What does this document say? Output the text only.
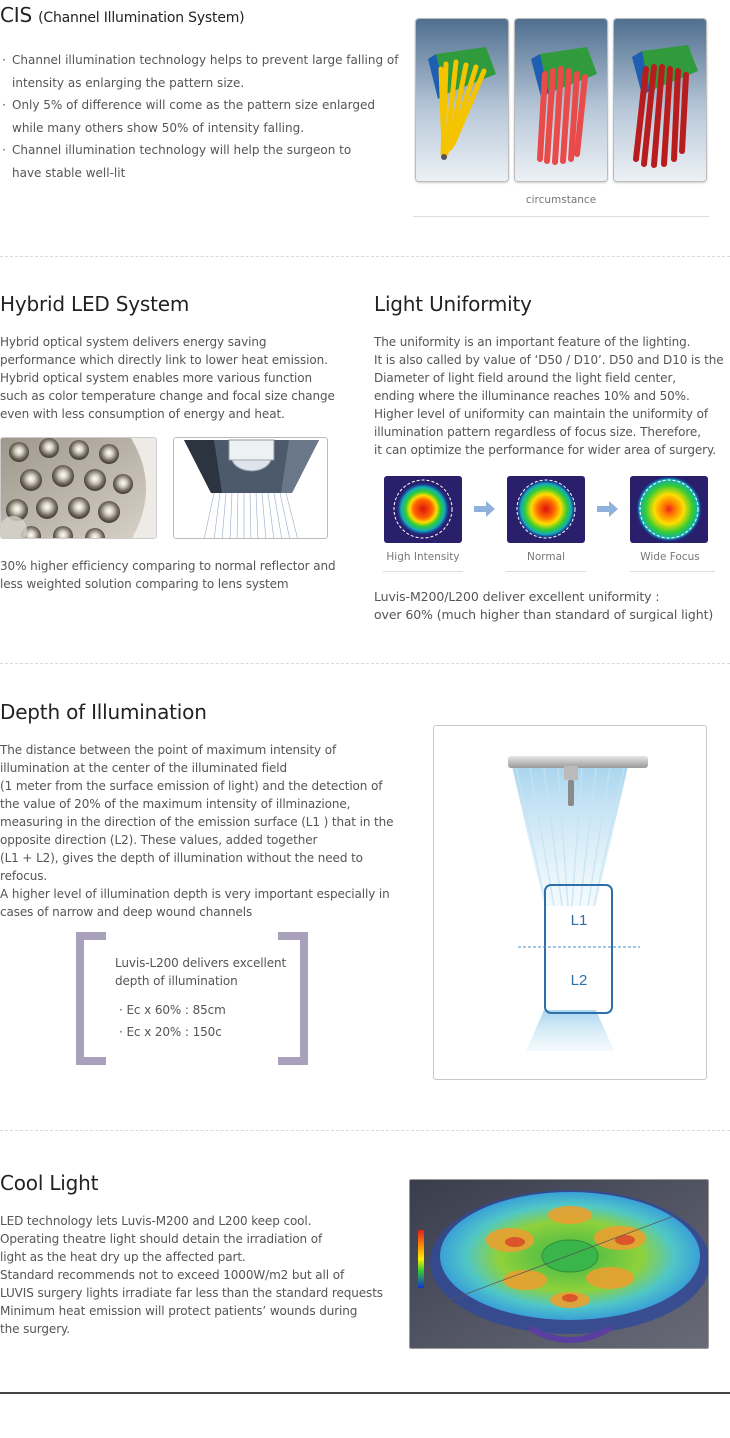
CIS (Channel Illumination System)
· Channel illumination technology helps to prevent large falling of
intensity as enlarging the pattern size.
· Only 5% of difference will come as the pattern size enlarged
while many others show 50% of intensity falling.
· Channel illumination technology will help the surgeon to
have stable well-lit
circumstance
Hybrid LED System
Hybrid optical system delivers energy saving
performance which directly link to lower heat emission.
Hybrid optical system enables more various function
such as color temperature change and focal size change
even with less consumption of energy and heat.
30% higher efficiency comparing to normal reflector and
less weighted solution comparing to lens system
Light Uniformity
The uniformity is an important feature of the lighting.
It is also called by value of ‘D50 / D10’. D50 and D10 is the
Diameter of light field around the light field center,
ending where the illuminance reaches 10% and 50%.
Higher level of uniformity can maintain the uniformity of
illumination pattern regardless of focus size. Therefore,
it can optimize the performance for wider area of surgery.
High Intensity	Normal	Wide Focus
Luvis-M200/L200 deliver excellent uniformity :
over 60% (much higher than standard of surgical light)
Depth of Illumination
The distance between the point of maximum intensity of
illumination at the center of the illuminated field
(1 meter from the surface emission of light) and the detection of
the value of 20% of the maximum intensity of illminazione,
measuring in the direction of the emission surface (L1 ) that in the
opposite direction (L2). These values, added together
(L1 + L2), gives the depth of illumination without the need to refocus.
A higher level of illumination depth is very important especially in
cases of narrow and deep wound channels
Luvis-L200 delivers excellent
depth of illumination
· Ec x 60% : 85cm
· Ec x 20% : 150c
L1
L2
Cool Light
LED technology lets Luvis-M200 and L200 keep cool.
Operating theatre light should detain the irradiation of
light as the heat dry up the affected part.
Standard recommends not to exceed 1000W/m2 but all of
LUVIS surgery lights irradiate far less than the standard requests
Minimum heat emission will protect patients’ wounds during
the surgery.
